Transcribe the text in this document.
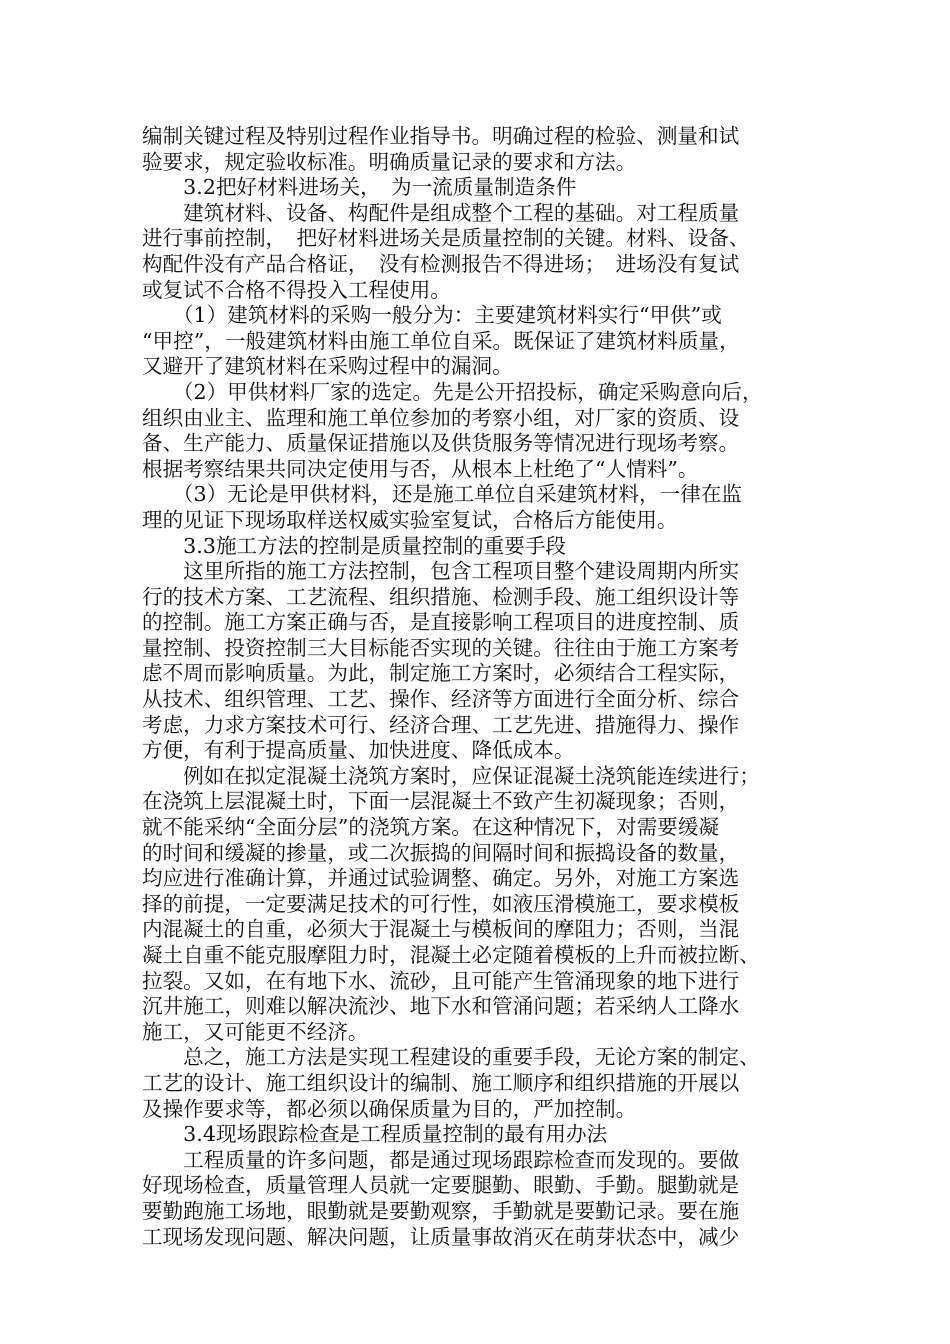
编制关键过程及特别过程作业指导书。明确过程的检验、测量和试
验要求，规定验收标准。明确质量记录的要求和方法。
　　3.2把好材料进场关，　为一流质量制造条件
　　建筑材料、设备、构配件是组成整个工程的基础。对工程质量
进行事前控制，　把好材料进场关是质量控制的关键。材料、设备、
构配件没有产品合格证，　没有检测报告不得进场；　进场没有复试
或复试不合格不得投入工程使用。
　　（1）建筑材料的采购一般分为：主要建筑材料实行“甲供”或
“甲控”，一般建筑材料由施工单位自采。既保证了建筑材料质量，
又避开了建筑材料在采购过程中的漏洞。
　　（2）甲供材料厂家的选定。先是公开招投标，确定采购意向后，
组织由业主、监理和施工单位参加的考察小组，对厂家的资质、设
备、生产能力、质量保证措施以及供货服务等情况进行现场考察。
根据考察结果共同决定使用与否，从根本上杜绝了“人情料”。
　　（3）无论是甲供材料，还是施工单位自采建筑材料，一律在监
理的见证下现场取样送权威实验室复试，合格后方能使用。
　　3.3施工方法的控制是质量控制的重要手段
　　这里所指的施工方法控制，包含工程项目整个建设周期内所实
行的技术方案、工艺流程、组织措施、检测手段、施工组织设计等
的控制。施工方案正确与否，是直接影响工程项目的进度控制、质
量控制、投资控制三大目标能否实现的关键。往往由于施工方案考
虑不周而影响质量。为此，制定施工方案时，必须结合工程实际，
从技术、组织管理、工艺、操作、经济等方面进行全面分析、综合
考虑，力求方案技术可行、经济合理、工艺先进、措施得力、操作
方便，有利于提高质量、加快进度、降低成本。
　　例如在拟定混凝土浇筑方案时，应保证混凝土浇筑能连续进行；
在浇筑上层混凝土时，下面一层混凝土不致产生初凝现象；否则，
就不能采纳“全面分层”的浇筑方案。在这种情况下，对需要缓凝
的时间和缓凝的掺量，或二次振捣的间隔时间和振捣设备的数量，
均应进行准确计算，并通过试验调整、确定。另外，对施工方案选
择的前提，一定要满足技术的可行性，如液压滑模施工，要求模板
内混凝土的自重，必须大于混凝土与模板间的摩阻力；否则，当混
凝土自重不能克服摩阻力时，混凝土必定随着模板的上升而被拉断、
拉裂。又如，在有地下水、流砂，且可能产生管涌现象的地下进行
沉井施工，则难以解决流沙、地下水和管涌问题；若采纳人工降水
施工，又可能更不经济。
　　总之，施工方法是实现工程建设的重要手段，无论方案的制定、
工艺的设计、施工组织设计的编制、施工顺序和组织措施的开展以
及操作要求等，都必须以确保质量为目的，严加控制。
　　3.4现场跟踪检查是工程质量控制的最有用办法
　　工程质量的许多问题，都是通过现场跟踪检查而发现的。要做
好现场检查，质量管理人员就一定要腿勤、眼勤、手勤。腿勤就是
要勤跑施工场地，眼勤就是要勤观察，手勤就是要勤记录。要在施
工现场发现问题、解决问题，让质量事故消灭在萌芽状态中，减少
